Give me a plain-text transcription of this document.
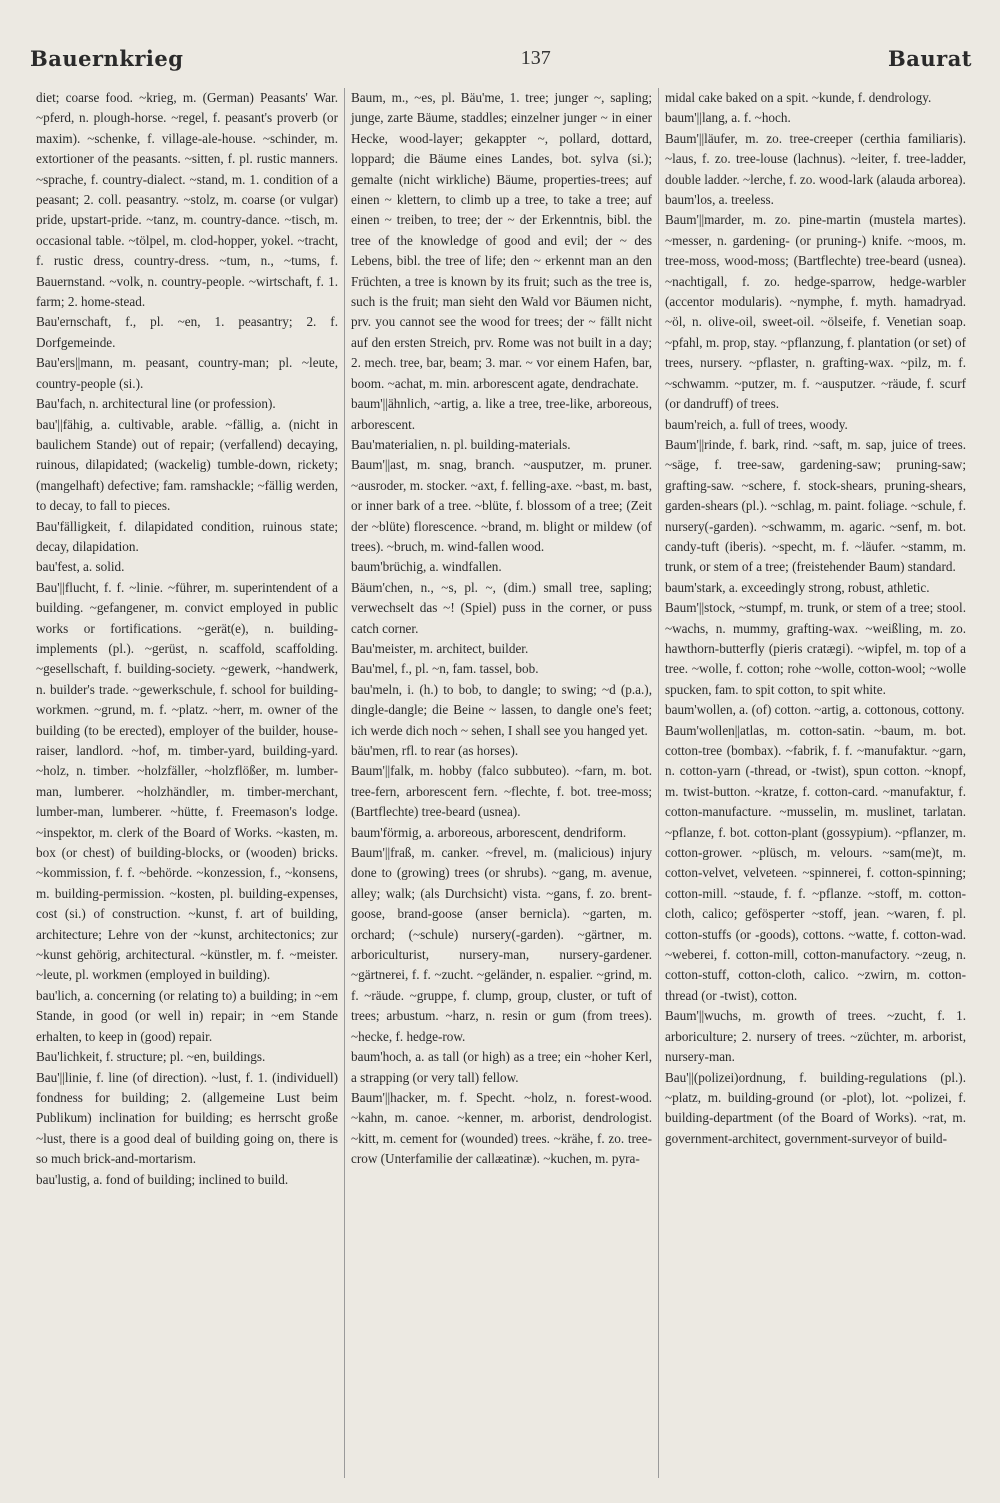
Bauernkrieg	137	Baurat

diet; coarse food. ~krieg, m. (German) Peasants' War. ~pferd, n. plough-horse. ~regel, f. peasant's proverb (or maxim). ~schenke, f. village-ale-house. ~schinder, m. extortioner of the peasants. ~sitten, f. pl. rustic manners. ~sprache, f. country-dialect. ~stand, m. 1. condition of a peasant; 2. coll. peasantry. ~stolz, m. coarse (or vulgar) pride, upstart-pride. ~tanz, m. country-dance. ~tisch, m. occasional table. ~tölpel, m. clod-hopper, yokel. ~tracht, f. rustic dress, country-dress. ~tum, n., ~tums, f. Bauernstand. ~volk, n. country-people. ~wirtschaft, f. 1. farm; 2. home-stead.

Bau'ernschaft, f., pl. ~en, 1. peasantry; 2. f. Dorfgemeinde.

Bau'ers||mann, m. peasant, country-man; pl. ~leute, country-people (si.).

Bau'fach, n. architectural line (or profession).

bau'||fähig, a. cultivable, arable. ~fällig, a. (nicht in baulichem Stande) out of repair; (verfallend) decaying, ruinous, dilapidated; (wackelig) tumble-down, rickety; (mangelhaft) defective; fam. ramshackle; ~fällig werden, to decay, to fall to pieces.

Bau'fälligkeit, f. dilapidated condition, ruinous state; decay, dilapidation.

bau'fest, a. solid.

Bau'||flucht, f. f. ~linie. ~führer, m. superintendent of a building. ~gefangener, m. convict employed in public works or fortifications. ~gerät(e), n. building-implements (pl.). ~gerüst, n. scaffold, scaffolding. ~gesellschaft, f. building-society. ~gewerk, ~handwerk, n. builder's trade. ~gewerkschule, f. school for building-workmen. ~grund, m. f. ~platz. ~herr, m. owner of the building (to be erected), employer of the builder, house-raiser, landlord. ~hof, m. timber-yard, building-yard. ~holz, n. timber. ~holzfäller, ~holzflößer, m. lumber-man, lumberer. ~holzhändler, m. timber-merchant, lumber-man, lumberer. ~hütte, f. Freemason's lodge. ~inspektor, m. clerk of the Board of Works. ~kasten, m. box (or chest) of building-blocks, or (wooden) bricks. ~kommission, f. f. ~behörde. ~konzession, f., ~konsens, m. building-permission. ~kosten, pl. building-expenses, cost (si.) of construction. ~kunst, f. art of building, architecture; Lehre von der ~kunst, architectonics; zur ~kunst gehörig, architectural. ~künstler, m. f. ~meister. ~leute, pl. workmen (employed in building).

bau'lich, a. concerning (or relating to) a building; in ~em Stande, in good (or well in) repair; in ~em Stande erhalten, to keep in (good) repair.

Bau'lichkeit, f. structure; pl. ~en, buildings.

Bau'||linie, f. line (of direction). ~lust, f. 1. (individuell) fondness for building; 2. (allgemeine Lust beim Publikum) inclination for building; es herrscht große ~lust, there is a good deal of building going on, there is so much brick-and-mortarism.

bau'lustig, a. fond of building; inclined to build.

Baum, m., ~es, pl. Bäu'me, 1. tree; junger ~, sapling; junge, zarte Bäume, staddles; einzelner junger ~ in einer Hecke, wood-layer; gekappter ~, pollard, dottard, loppard; die Bäume eines Landes, bot. sylva (si.); gemalte (nicht wirkliche) Bäume, properties-trees; auf einen ~ klettern, to climb up a tree, to take a tree; auf einen ~ treiben, to tree; der ~ der Erkenntnis, bibl. the tree of the knowledge of good and evil; der ~ des Lebens, bibl. the tree of life; den ~ erkennt man an den Früchten, a tree is known by its fruit; such as the tree is, such is the fruit; man sieht den Wald vor Bäumen nicht, prv. you cannot see the wood for trees; der ~ fällt nicht auf den ersten Streich, prv. Rome was not built in a day; 2. mech. tree, bar, beam; 3. mar. ~ vor einem Hafen, bar, boom. ~achat, m. min. arborescent agate, dendrachate.

baum'||ähnlich, ~artig, a. like a tree, tree-like, arboreous, arborescent.

Bau'materialien, n. pl. building-materials.

Baum'||ast, m. snag, branch. ~ausputzer, m. pruner. ~ausroder, m. stocker. ~axt, f. felling-axe. ~bast, m. bast, or inner bark of a tree. ~blüte, f. blossom of a tree; (Zeit der ~blüte) florescence. ~brand, m. blight or mildew (of trees). ~bruch, m. wind-fallen wood.

baum'brüchig, a. windfallen.

Bäum'chen, n., ~s, pl. ~, (dim.) small tree, sapling; verwechselt das ~! (Spiel) puss in the corner, or puss catch corner.

Bau'meister, m. architect, builder.

Bau'mel, f., pl. ~n, fam. tassel, bob.

bau'meln, i. (h.) to bob, to dangle; to swing; ~d (p.a.), dingle-dangle; die Beine ~ lassen, to dangle one's feet; ich werde dich noch ~ sehen, I shall see you hanged yet.

bäu'men, rfl. to rear (as horses).

Baum'||falk, m. hobby (falco subbuteo). ~farn, m. bot. tree-fern, arborescent fern. ~flechte, f. bot. tree-moss; (Bartflechte) tree-beard (usnea).

baum'förmig, a. arboreous, arborescent, dendriform.

Baum'||fraß, m. canker. ~frevel, m. (malicious) injury done to (growing) trees (or shrubs). ~gang, m. avenue, alley; walk; (als Durchsicht) vista. ~gans, f. zo. brent-goose, brand-goose (anser bernicla). ~garten, m. orchard; (~schule) nursery(-garden). ~gärtner, m. arboriculturist, nursery-man, nursery-gardener. ~gärtnerei, f. f. ~zucht. ~geländer, n. espalier. ~grind, m. f. ~räude. ~gruppe, f. clump, group, cluster, or tuft of trees; arbustum. ~harz, n. resin or gum (from trees). ~hecke, f. hedge-row.

baum'hoch, a. as tall (or high) as a tree; ein ~hoher Kerl, a strapping (or very tall) fellow.

Baum'||hacker, m. f. Specht. ~holz, n. forest-wood. ~kahn, m. canoe. ~kenner, m. arborist, dendrologist. ~kitt, m. cement for (wounded) trees. ~krähe, f. zo. tree-crow (Unterfamilie der callæatinæ). ~kuchen, m. pyra-

midal cake baked on a spit. ~kunde, f. dendrology.

baum'||lang, a. f. ~hoch.

Baum'||läufer, m. zo. tree-creeper (certhia familiaris). ~laus, f. zo. tree-louse (lachnus). ~leiter, f. tree-ladder, double ladder. ~lerche, f. zo. wood-lark (alauda arborea).

baum'los, a. treeless.

Baum'||marder, m. zo. pine-martin (mustela martes). ~messer, n. gardening- (or pruning-) knife. ~moos, m. tree-moss, wood-moss; (Bartflechte) tree-beard (usnea). ~nachtigall, f. zo. hedge-sparrow, hedge-warbler (accentor modularis). ~nymphe, f. myth. hamadryad. ~öl, n. olive-oil, sweet-oil. ~ölseife, f. Venetian soap. ~pfahl, m. prop, stay. ~pflanzung, f. plantation (or set) of trees, nursery. ~pflaster, n. grafting-wax. ~pilz, m. f. ~schwamm. ~putzer, m. f. ~ausputzer. ~räude, f. scurf (or dandruff) of trees.

baum'reich, a. full of trees, woody.

Baum'||rinde, f. bark, rind. ~saft, m. sap, juice of trees. ~säge, f. tree-saw, gardening-saw; pruning-saw; grafting-saw. ~schere, f. stock-shears, pruning-shears, garden-shears (pl.). ~schlag, m. paint. foliage. ~schule, f. nursery(-garden). ~schwamm, m. agaric. ~senf, m. bot. candy-tuft (iberis). ~specht, m. f. ~läufer. ~stamm, m. trunk, or stem of a tree; (freistehender Baum) standard.

baum'stark, a. exceedingly strong, robust, athletic.

Baum'||stock, ~stumpf, m. trunk, or stem of a tree; stool. ~wachs, n. mummy, grafting-wax. ~weißling, m. zo. hawthorn-butterfly (pieris cratægi). ~wipfel, m. top of a tree. ~wolle, f. cotton; rohe ~wolle, cotton-wool; ~wolle spucken, fam. to spit cotton, to spit white.

baum'wollen, a. (of) cotton. ~artig, a. cottonous, cottony.

Baum'wollen||atlas, m. cotton-satin. ~baum, m. bot. cotton-tree (bombax). ~fabrik, f. f. ~manufaktur. ~garn, n. cotton-yarn (-thread, or -twist), spun cotton. ~knopf, m. twist-button. ~kratze, f. cotton-card. ~manufaktur, f. cotton-manufacture. ~musselin, m. muslinet, tarlatan. ~pflanze, f. bot. cotton-plant (gossypium). ~pflanzer, m. cotton-grower. ~plüsch, m. velours. ~sam(me)t, m. cotton-velvet, velveteen. ~spinnerei, f. cotton-spinning; cotton-mill. ~staude, f. f. ~pflanze. ~stoff, m. cotton-cloth, calico; gefösperter ~stoff, jean. ~waren, f. pl. cotton-stuffs (or -goods), cottons. ~watte, f. cotton-wad. ~weberei, f. cotton-mill, cotton-manufactory. ~zeug, n. cotton-stuff, cotton-cloth, calico. ~zwirn, m. cotton-thread (or -twist), cotton.

Baum'||wuchs, m. growth of trees. ~zucht, f. 1. arboriculture; 2. nursery of trees. ~züchter, m. arborist, nursery-man.

Bau'||(polizei)ordnung, f. building-regulations (pl.). ~platz, m. building-ground (or -plot), lot. ~polizei, f. building-department (of the Board of Works). ~rat, m. government-architect, government-surveyor of build-
